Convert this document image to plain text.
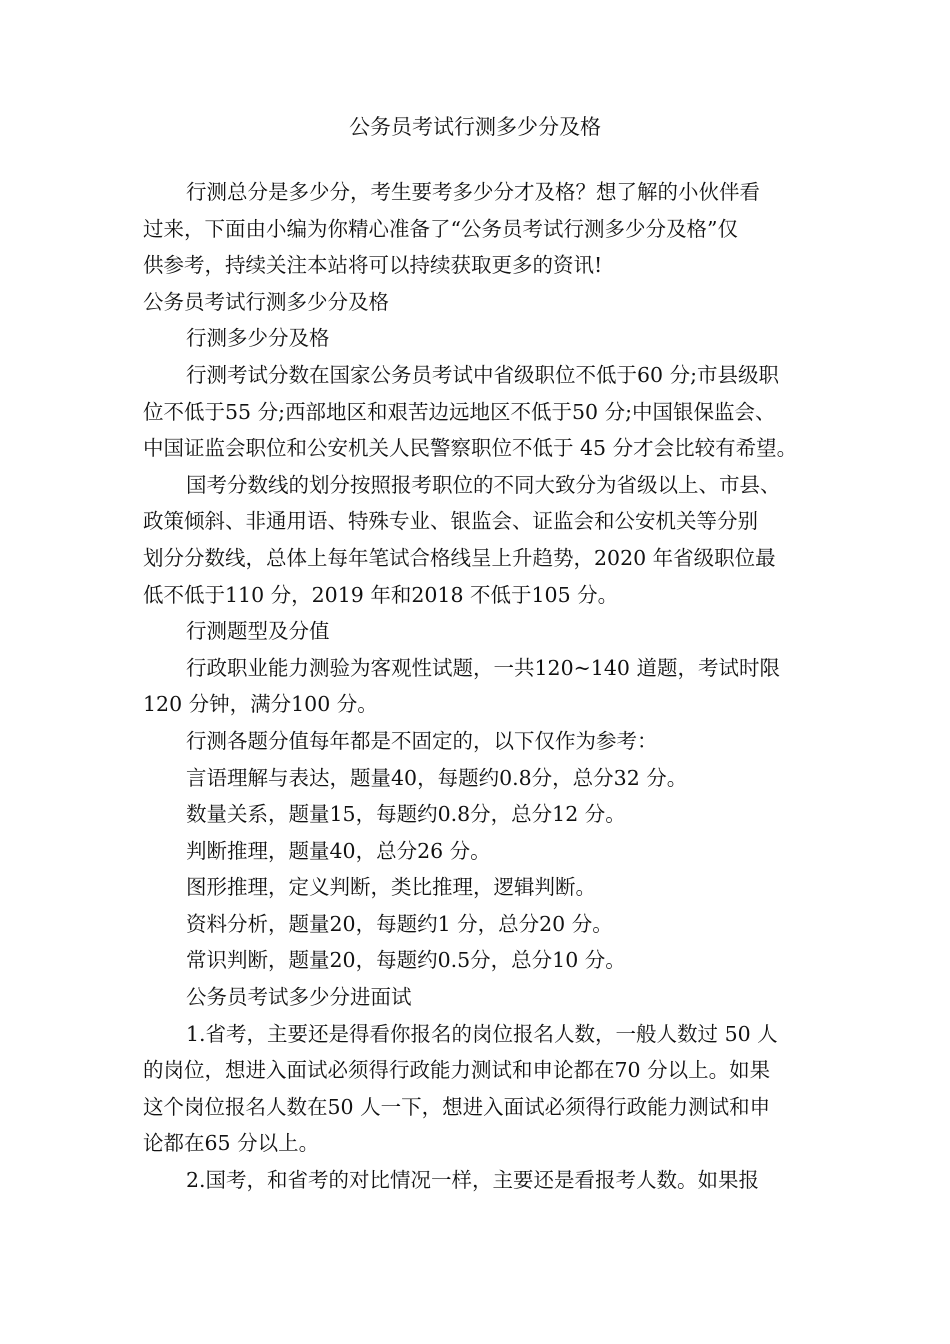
公务员考试行测多少分及格

行测总分是多少分，考生要考多少分才及格？想了解的小伙伴看
过来，下面由小编为你精心准备了“公务员考试行测多少分及格”仅
供参考，持续关注本站将可以持续获取更多的资讯!

公务员考试行测多少分及格

行测多少分及格

行测考试分数在国家公务员考试中省级职位不低于60 分;市县级职
位不低于55 分;西部地区和艰苦边远地区不低于50 分;中国银保监会、
中国证监会职位和公安机关人民警察职位不低于 45 分才会比较有希望。

国考分数线的划分按照报考职位的不同大致分为省级以上、市县、
政策倾斜、非通用语、特殊专业、银监会、证监会和公安机关等分别
划分分数线，总体上每年笔试合格线呈上升趋势，2020 年省级职位最
低不低于110 分，2019 年和2018 不低于105 分。

行测题型及分值

行政职业能力测验为客观性试题，一共120~140 道题，考试时限
120 分钟，满分100 分。

行测各题分值每年都是不固定的，以下仅作为参考：

言语理解与表达，题量40，每题约0.8分，总分32 分。

数量关系，题量15，每题约0.8分，总分12 分。

判断推理，题量40，总分26 分。

图形推理，定义判断，类比推理，逻辑判断。

资料分析，题量20，每题约1 分，总分20 分。

常识判断，题量20，每题约0.5分，总分10 分。

公务员考试多少分进面试

1.省考，主要还是得看你报名的岗位报名人数，一般人数过 50 人
的岗位，想进入面试必须得行政能力测试和申论都在70 分以上。如果
这个岗位报名人数在50 人一下，想进入面试必须得行政能力测试和申
论都在65 分以上。

2.国考，和省考的对比情况一样，主要还是看报考人数。如果报
